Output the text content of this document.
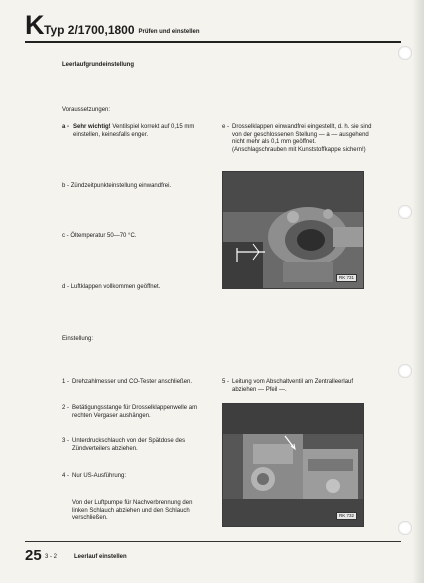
K Typ 2/1700,1800 Prüfen und einstellen
Leerlaufgrundeinstellung
Voraussetzungen:
a - Sehr wichtig! Ventilspiel korrekt auf 0,15 mm einstellen, keinesfalls enger.
e - Drosselklappen einwandfrei eingestellt, d. h. sie sind von der geschlossenen Stellung — a — ausgehend nicht mehr als 0,1 mm geöffnet. (Anschlagschrauben mit Kunststoffkappe sichern!)
b - Zündzeitpunkteinstellung einwandfrei.
c - Öltemperatur 50—70 °C.
d - Luftklappen vollkommen geöffnet.
RK 731
Einstellung:
1 - Drehzahlmesser und CO-Tester anschließen.
2 - Betätigungsstange für Drosselklappenwelle am rechten Vergaser aushängen.
3 - Unterdruckschlauch von der Spätdose des Zündverteilers abziehen.
4 - Nur US-Ausführung:
Von der Luftpumpe für Nachverbrennung den linken Schlauch abziehen und den Schlauch verschließen.
5 - Leitung vom Abschaltventil am Zentralleerlauf abziehen — Pfeil —.
RK 732
25 3 - 2	Leerlauf einstellen
